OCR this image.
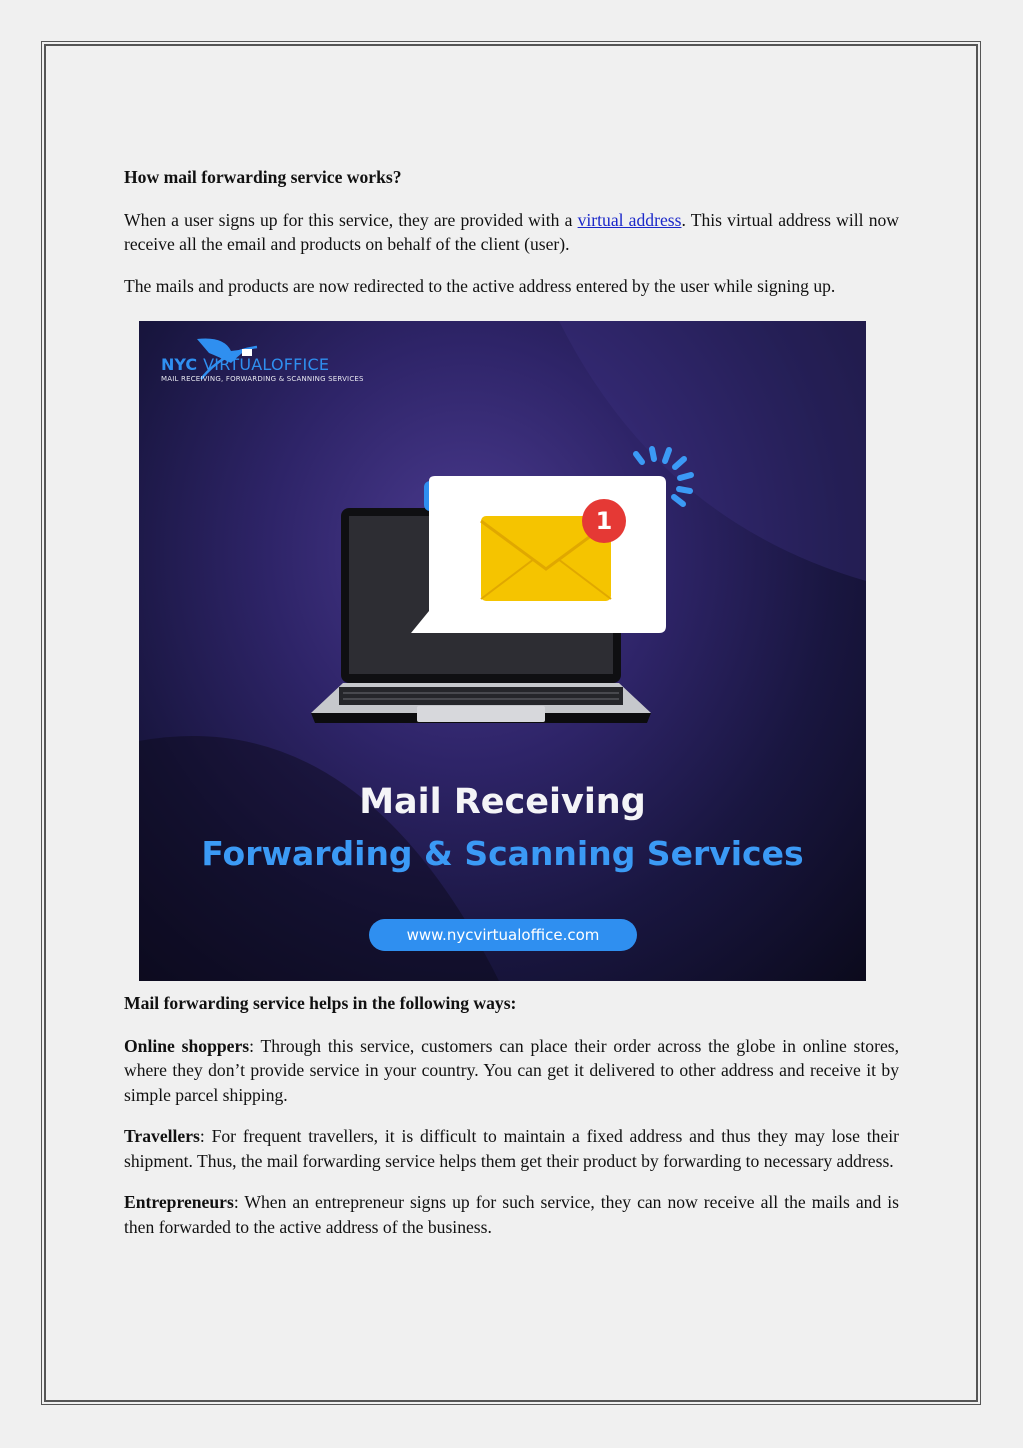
How mail forwarding service works?

When a user signs up for this service, they are provided with a virtual address. This virtual address will now receive all the email and products on behalf of the client (user).

The mails and products are now redirected to the active address entered by the user while signing up.

NYC VIRTUALOFFICE
MAIL RECEIVING, FORWARDING & SCANNING SERVICES
1
Mail Receiving
Forwarding & Scanning Services
www.nycvirtualoffice.com
Mail forwarding service helps in the following ways:

Online shoppers: Through this service, customers can place their order across the globe in online stores, where they don’t provide service in your country. You can get it delivered to other address and receive it by simple parcel shipping.

Travellers: For frequent travellers, it is difficult to maintain a fixed address and thus they may lose their shipment. Thus, the mail forwarding service helps them get their product by forwarding to necessary address.

Entrepreneurs: When an entrepreneur signs up for such service, they can now receive all the mails and is then forwarded to the active address of the business.
